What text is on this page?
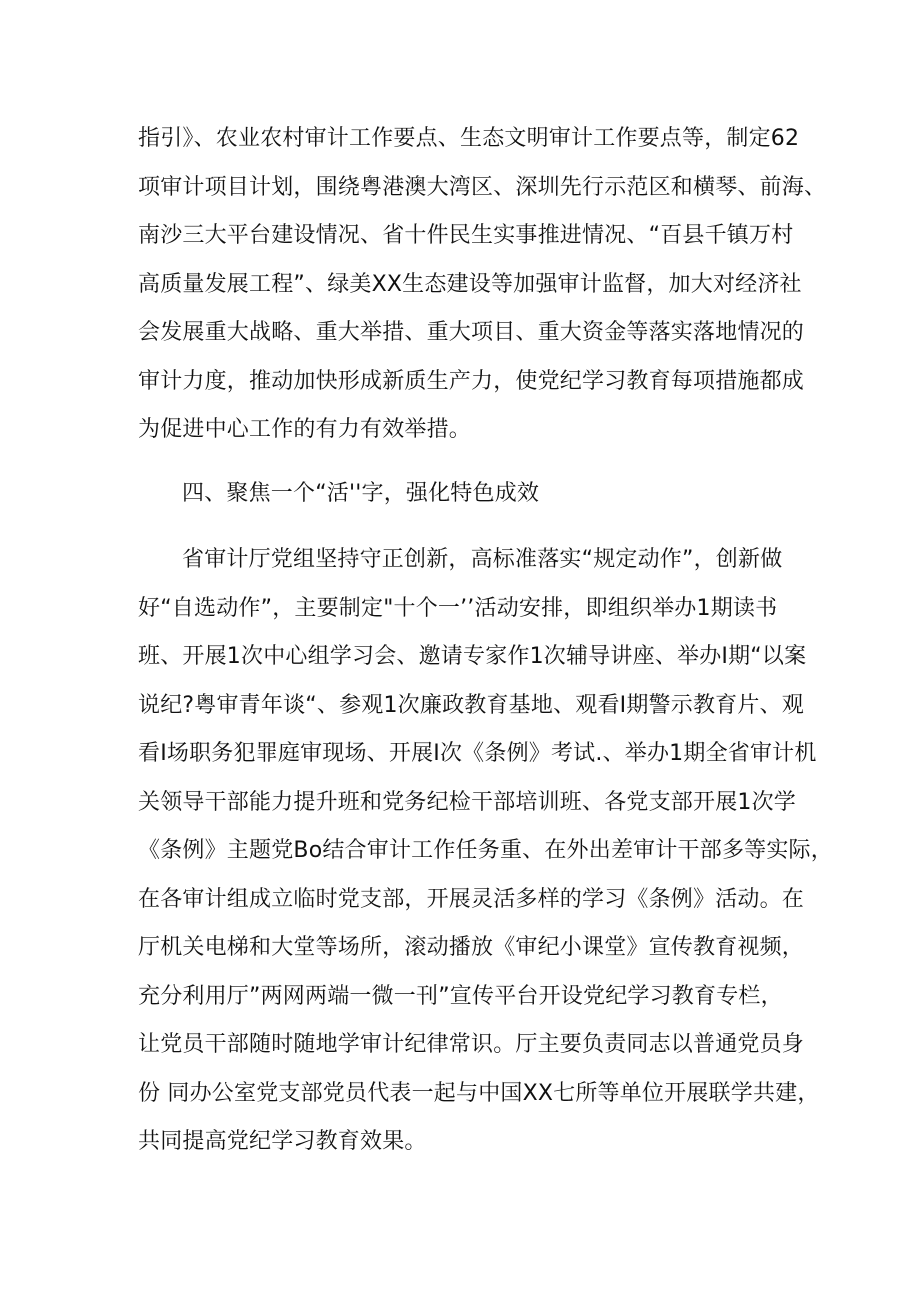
指引》、农业农村审计工作要点、生态文明审计工作要点等，制定62
项审计项目计划，围绕粤港澳大湾区、深圳先行示范区和横琴、前海、
南沙三大平台建设情况、省十件民生实事推进情况、“百县千镇万村
高质量发展工程”、绿美XX生态建设等加强审计监督，加大对经济社
会发展重大战略、重大举措、重大项目、重大资金等落实落地情况的
审计力度，推动加快形成新质生产力，使党纪学习教育每项措施都成
为促进中心工作的有力有效举措。
四、聚焦一个“活''字，强化特色成效
省审计厅党组坚持守正创新，高标准落实“规定动作”，创新做
好“自选动作”，主要制定"十个一’’活动安排，即组织举办1期读书
班、开展1次中心组学习会、邀请专家作1次辅导讲座、举办I期“以案
说纪?粤审青年谈“、参观1次廉政教育基地、观看I期警示教育片、观
看I场职务犯罪庭审现场、开展I次《条例》考试.、举办1期全省审计机
关领导干部能力提升班和党务纪检干部培训班、各党支部开展1次学
《条例》主题党Bo结合审计工作任务重、在外出差审计干部多等实际，
在各审计组成立临时党支部，开展灵活多样的学习《条例》活动。在
厅机关电梯和大堂等场所，滚动播放《审纪小课堂》宣传教育视频，
充分利用厅”两网两端一微一刊”宣传平台开设党纪学习教育专栏，
让党员干部随时随地学审计纪律常识。厅主要负责同志以普通党员身
份 同办公室党支部党员代表一起与中国XX七所等单位开展联学共建，
共同提高党纪学习教育效果。
